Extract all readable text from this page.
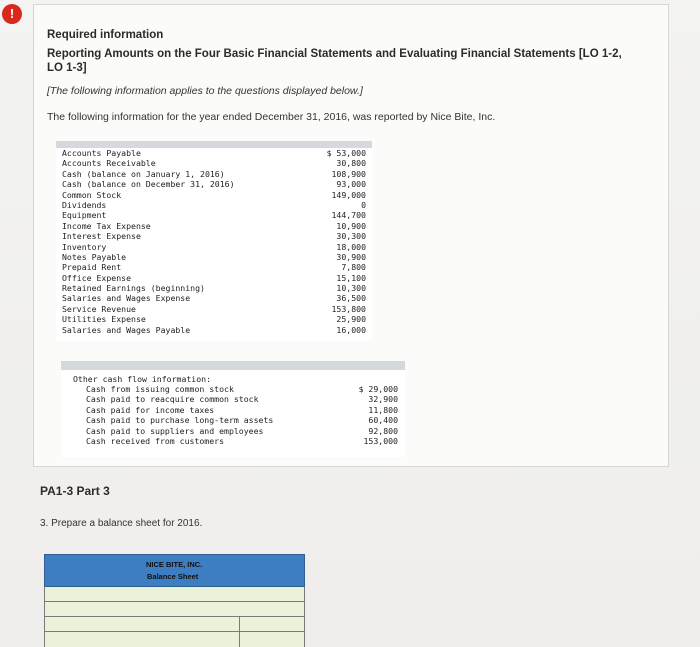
!
Required information
Reporting Amounts on the Four Basic Financial Statements and Evaluating Financial Statements [LO 1-2, LO 1-3]
[The following information applies to the questions displayed below.]
The following information for the year ended December 31, 2016, was reported by Nice Bite, Inc.
Accounts Payable	$ 53,000
Accounts Receivable	30,800
Cash (balance on January 1, 2016)	108,900
Cash (balance on December 31, 2016)	93,000
Common Stock	149,000
Dividends	0
Equipment	144,700
Income Tax Expense	10,900
Interest Expense	30,300
Inventory	18,000
Notes Payable	30,900
Prepaid Rent	7,800
Office Expense	15,100
Retained Earnings (beginning)	10,300
Salaries and Wages Expense	36,500
Service Revenue	153,800
Utilities Expense	25,900
Salaries and Wages Payable	16,000
Other cash flow information:
Cash from issuing common stock	$ 29,000
Cash paid to reacquire common stock	32,900
Cash paid for income taxes	11,800
Cash paid to purchase long-term assets	60,400
Cash paid to suppliers and employees	92,800
Cash received from customers	153,000
PA1-3 Part 3
3. Prepare a balance sheet for 2016.
NICE BITE, INC.
Balance Sheet
